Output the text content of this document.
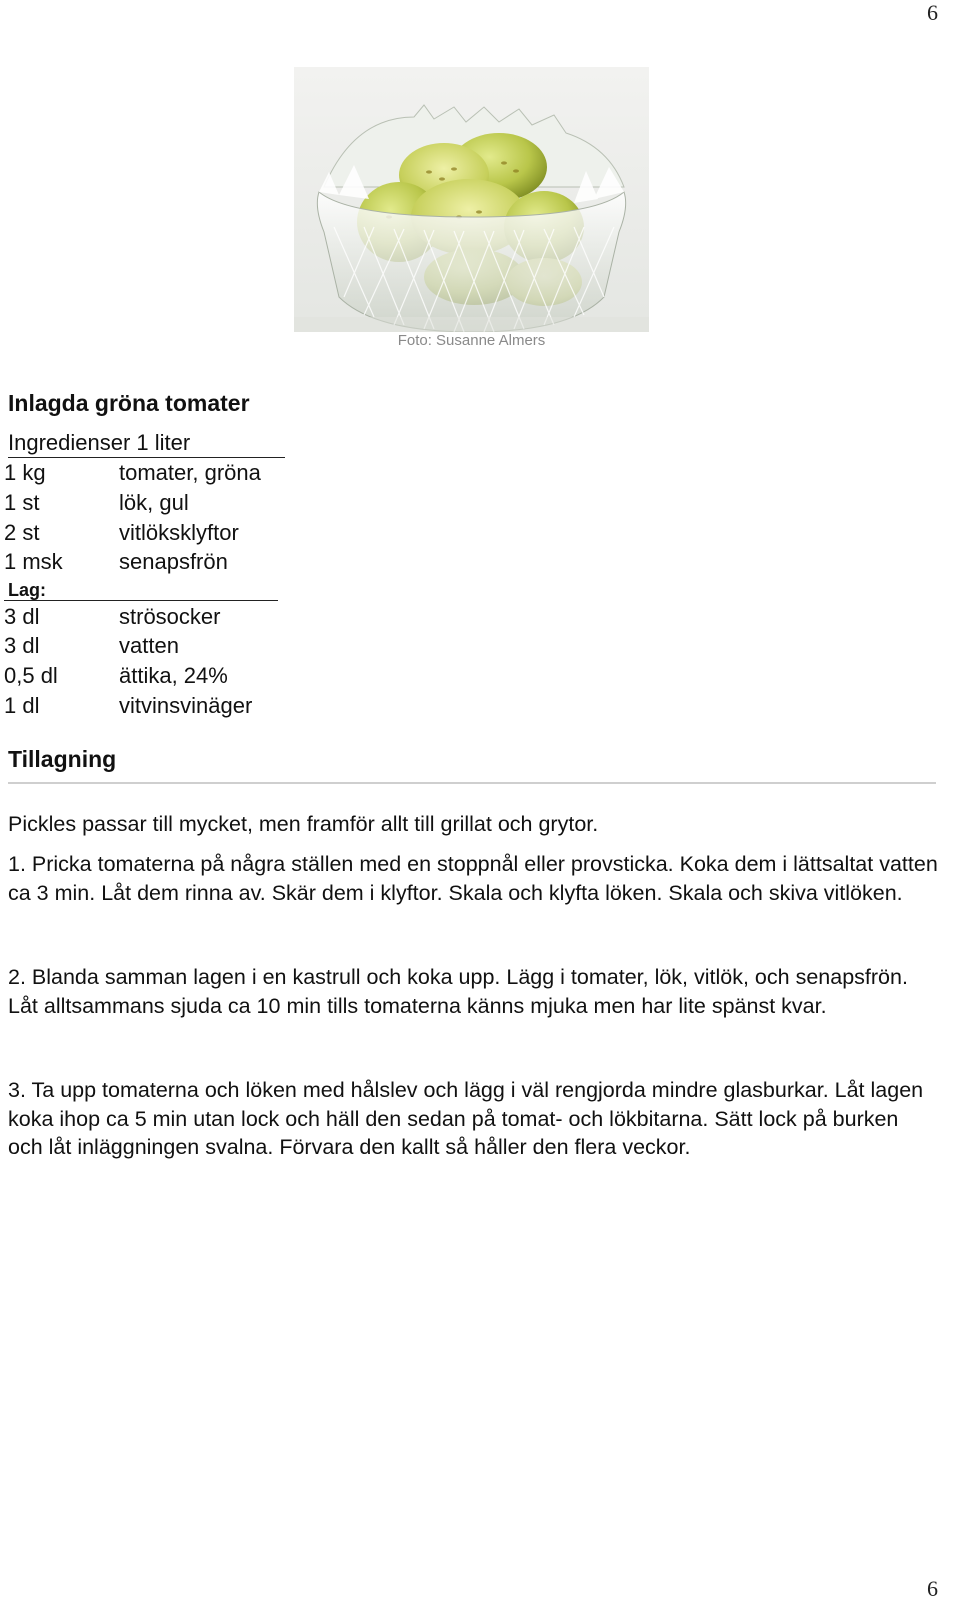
6
Foto: Susanne Almers
Inlagda gröna tomater
Ingredienser 1 liter
1 kg	tomater, gröna
1 st	lök, gul
2 st	vitlöksklyftor
1 msk	senapsfrön
Lag:
3 dl	strösocker
3 dl	vatten
0,5 dl	ättika, 24%
1 dl	vitvinsvinäger
Tillagning

Pickles passar till mycket, men framför allt till grillat och grytor.

1. Pricka tomaterna på några ställen med en stoppnål eller provsticka. Koka dem i lättsaltat vatten ca 3 min. Låt dem rinna av. Skär dem i klyftor. Skala och klyfta löken. Skala och skiva vitlöken.

2. Blanda samman lagen i en kastrull och koka upp. Lägg i tomater, lök, vitlök, och senapsfrön. Låt alltsammans sjuda ca 10 min tills tomaterna känns mjuka men har lite spänst kvar.

3. Ta upp tomaterna och löken med hålslev och lägg i väl rengjorda mindre glasburkar. Låt lagen koka ihop ca 5 min utan lock och häll den sedan på tomat- och lökbitarna. Sätt lock på burken och låt inläggningen svalna. Förvara den kallt så håller den flera veckor.

6
